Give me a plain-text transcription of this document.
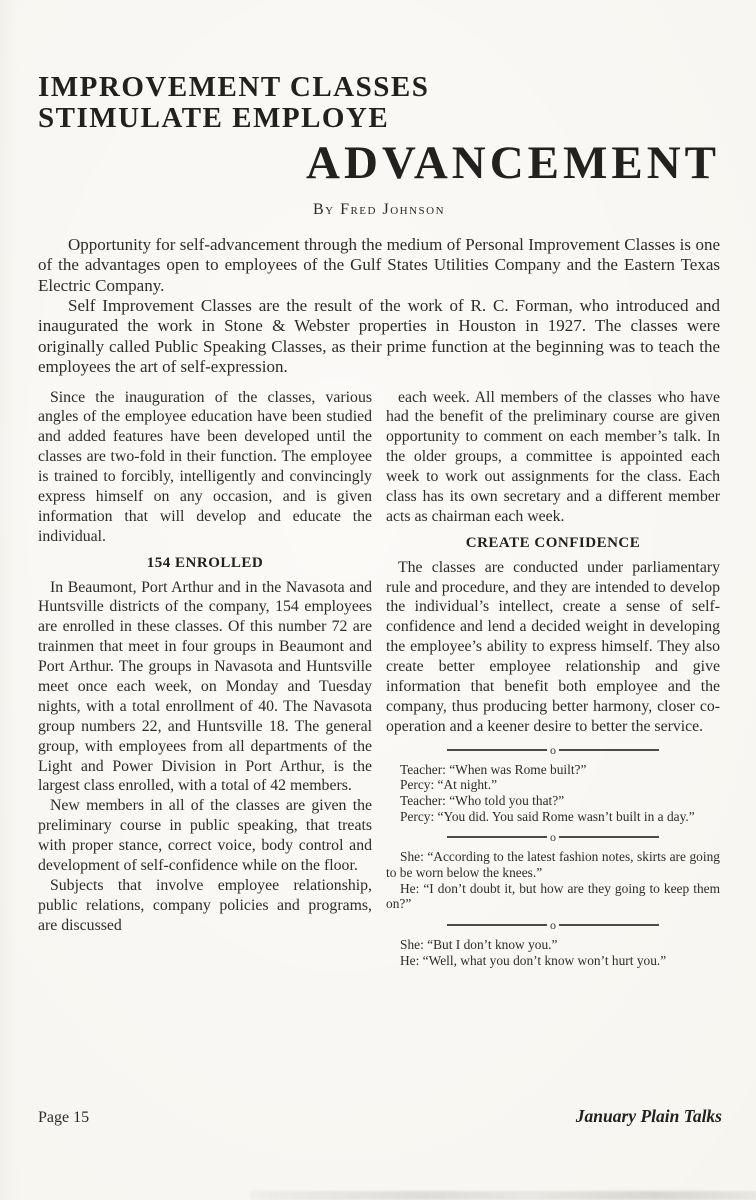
IMPROVEMENT CLASSES
STIMULATE EMPLOYE
ADVANCEMENT
By Fred Johnson

Opportunity for self-advancement through the medium of Personal Improvement Classes is one of the advantages open to employees of the Gulf States Utilities Company and the Eastern Texas Electric Company.

Self Improvement Classes are the result of the work of R. C. Forman, who introduced and inaugurated the work in Stone & Webster properties in Houston in 1927. The classes were originally called Public Speaking Classes, as their prime function at the beginning was to teach the employees the art of self-expression.

Since the inauguration of the classes, various angles of the employee education have been studied and added features have been developed until the classes are two-fold in their function. The employee is trained to forcibly, intelligently and convincingly express himself on any occasion, and is given information that will develop and educate the individual.

154 ENROLLED

In Beaumont, Port Arthur and in the Navasota and Huntsville districts of the company, 154 employees are enrolled in these classes. Of this number 72 are trainmen that meet in four groups in Beaumont and Port Arthur. The groups in Navasota and Huntsville meet once each week, on Monday and Tuesday nights, with a total enrollment of 40. The Navasota group numbers 22, and Huntsville 18. The general group, with employees from all departments of the Light and Power Division in Port Arthur, is the largest class enrolled, with a total of 42 members.

New members in all of the classes are given the preliminary course in public speaking, that treats with proper stance, correct voice, body control and development of self-confidence while on the floor.

Subjects that involve employee relationship, public relations, company policies and programs, are discussed

each week. All members of the classes who have had the benefit of the preliminary course are given opportunity to comment on each member’s talk. In the older groups, a committee is appointed each week to work out assignments for the class. Each class has its own secretary and a different member acts as chairman each week.

CREATE CONFIDENCE

The classes are conducted under parliamentary rule and procedure, and they are intended to develop the individual’s intellect, create a sense of self-confidence and lend a decided weight in developing the employee’s ability to express himself. They also create better employee relationship and give information that benefit both employee and the company, thus producing better harmony, closer co-operation and a keener desire to better the service.

o

Teacher: “When was Rome built?”

Percy: “At night.”

Teacher: “Who told you that?”

Percy: “You did. You said Rome wasn’t built in a day.”

o

She: “According to the latest fashion notes, skirts are going to be worn below the knees.”

He: “I don’t doubt it, but how are they going to keep them on?”

o

She: “But I don’t know you.”

He: “Well, what you don’t know won’t hurt you.”

Page 15	January Plain Talks
